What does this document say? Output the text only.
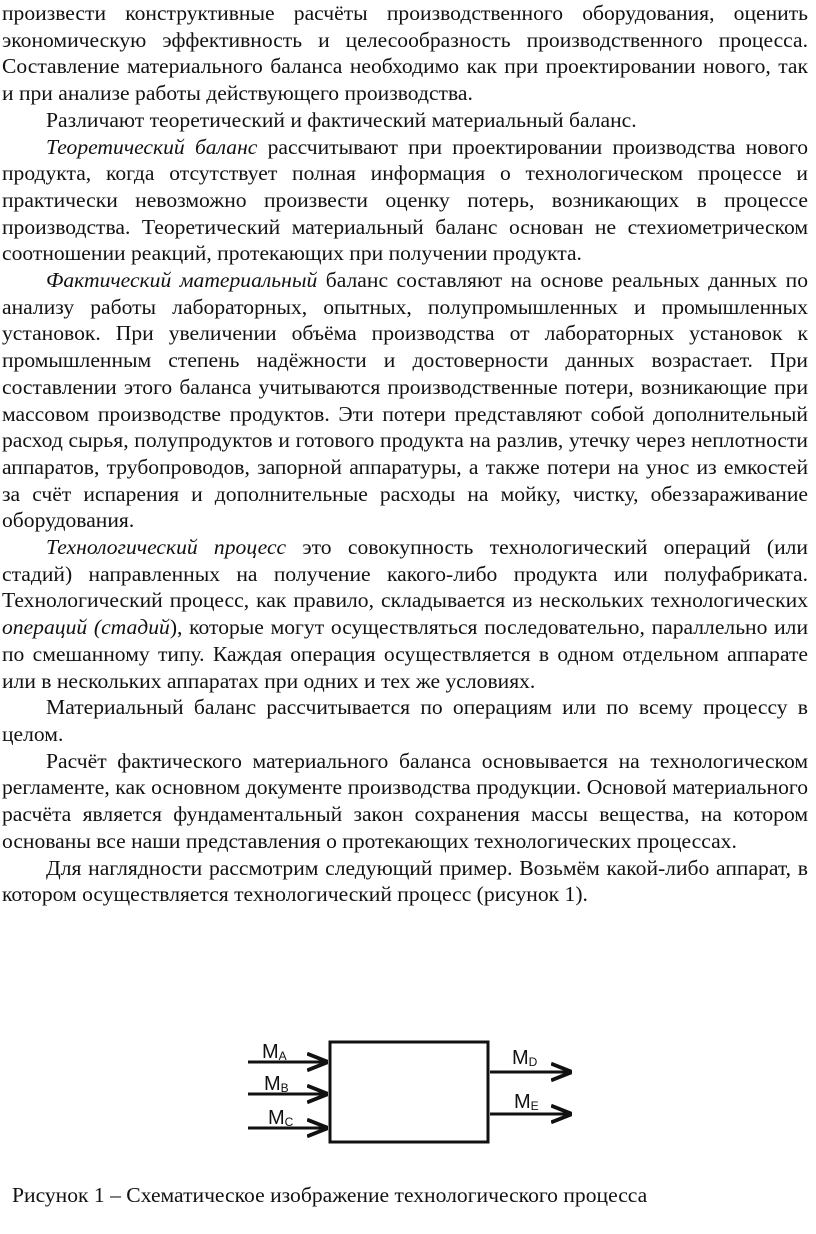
произвести конструктивные расчёты производственного оборудования, оценить экономическую эффективность и целесообразность производственного процесса. Составление материального баланса необходимо как при проектировании нового, так и при анализе работы действующего производства.

Различают теоретический и фактический материальный баланс.

Теоретический баланс рассчитывают при проектировании производства нового продукта, когда отсутствует полная информация о технологическом процессе и практически невозможно произвести оценку потерь, возникающих в процессе производства. Теоретический материальный баланс основан не стехиометрическом соотношении реакций, протекающих при получении продукта.

Фактический материальный баланс составляют на основе реальных данных по анализу работы лабораторных, опытных, полупромышленных и промышленных установок. При увеличении объёма производства от лабораторных установок к промышленным степень надёжности и достоверности данных возрастает. При составлении этого баланса учитываются производственные потери, возникающие при массовом производстве продуктов. Эти потери представляют собой дополнительный расход сырья, полупродуктов и готового продукта на разлив, утечку через неплотности аппаратов, трубопроводов, запорной аппаратуры, а также потери на унос из емкостей за счёт испарения и дополнительные расходы на мойку, чистку, обеззараживание оборудования.

Технологический процесс это совокупность технологический операций (или стадий) направленных на получение какого-либо продукта или полуфабриката. Технологический процесс, как правило, складывается из нескольких технологических операций (стадий), которые могут осуществляться последовательно, параллельно или по смешанному типу. Каждая операция осуществляется в одном отдельном аппарате или в нескольких аппаратах при одних и тех же условиях.

Материальный баланс рассчитывается по операциям или по всему процессу в целом.

Расчёт фактического материального баланса основывается на технологическом регламенте, как основном документе производства продукции. Основой материального расчёта является фундаментальный закон сохранения массы вещества, на котором основаны все наши представления о протекающих технологических процессах.

Для наглядности рассмотрим следующий пример. Возьмём какой-либо аппарат, в котором осуществляется технологический процесс (рисунок 1).

MA
MB
MC
MD
ME
Рисунок 1 – Схематическое изображение технологического процесса
